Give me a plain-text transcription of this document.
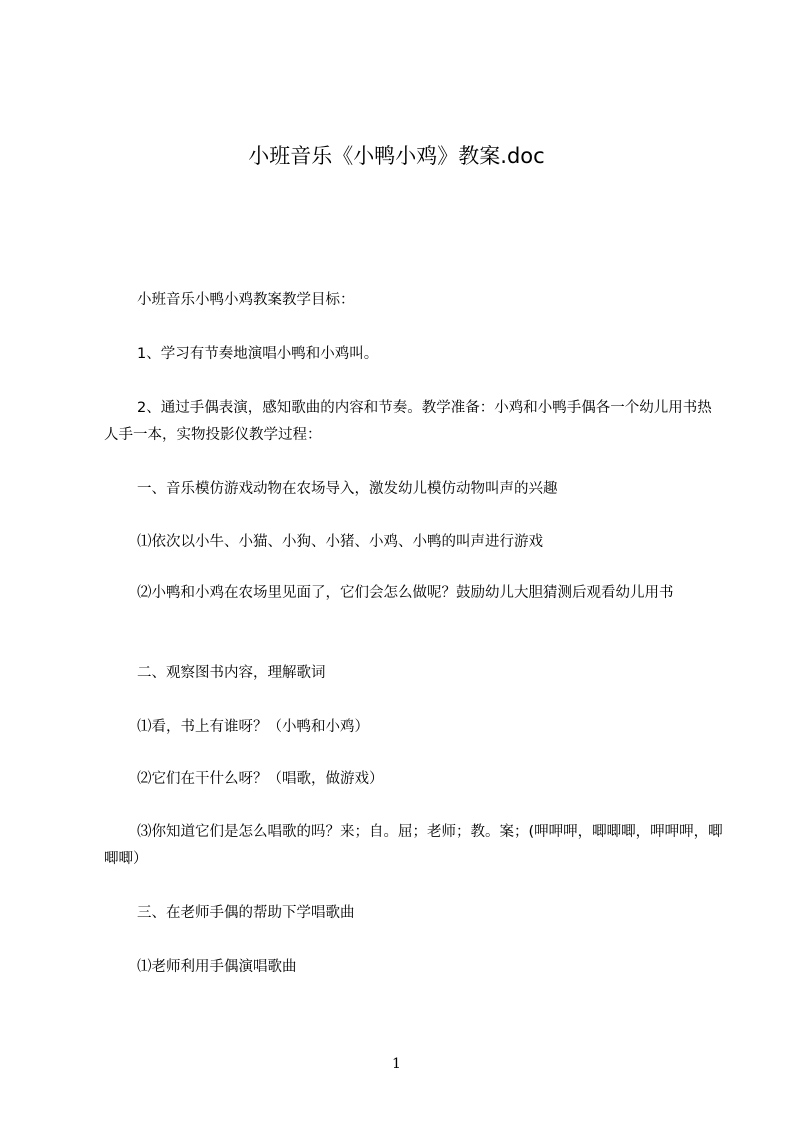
小班音乐《小鸭小鸡》教案.doc

小班音乐小鸭小鸡教案教学目标：

1、学习有节奏地演唱小鸭和小鸡叫。

2、通过手偶表演，感知歌曲的内容和节奏。教学准备：小鸡和小鸭手偶各一个幼儿用书热人手一本，实物投影仪教学过程：

一、音乐模仿游戏动物在农场导入，激发幼儿模仿动物叫声的兴趣

⑴依次以小牛、小猫、小狗、小猪、小鸡、小鸭的叫声进行游戏

⑵小鸭和小鸡在农场里见面了，它们会怎么做呢？鼓励幼儿大胆猜测后观看幼儿用书

二、观察图书内容，理解歌词

⑴看，书上有谁呀？（小鸭和小鸡）

⑵它们在干什么呀？（唱歌，做游戏）

⑶你知道它们是怎么唱歌的吗？来；自。屈；老师；教。案；(呷呷呷，唧唧唧，呷呷呷，唧唧唧）

三、在老师手偶的帮助下学唱歌曲

⑴老师利用手偶演唱歌曲

1
